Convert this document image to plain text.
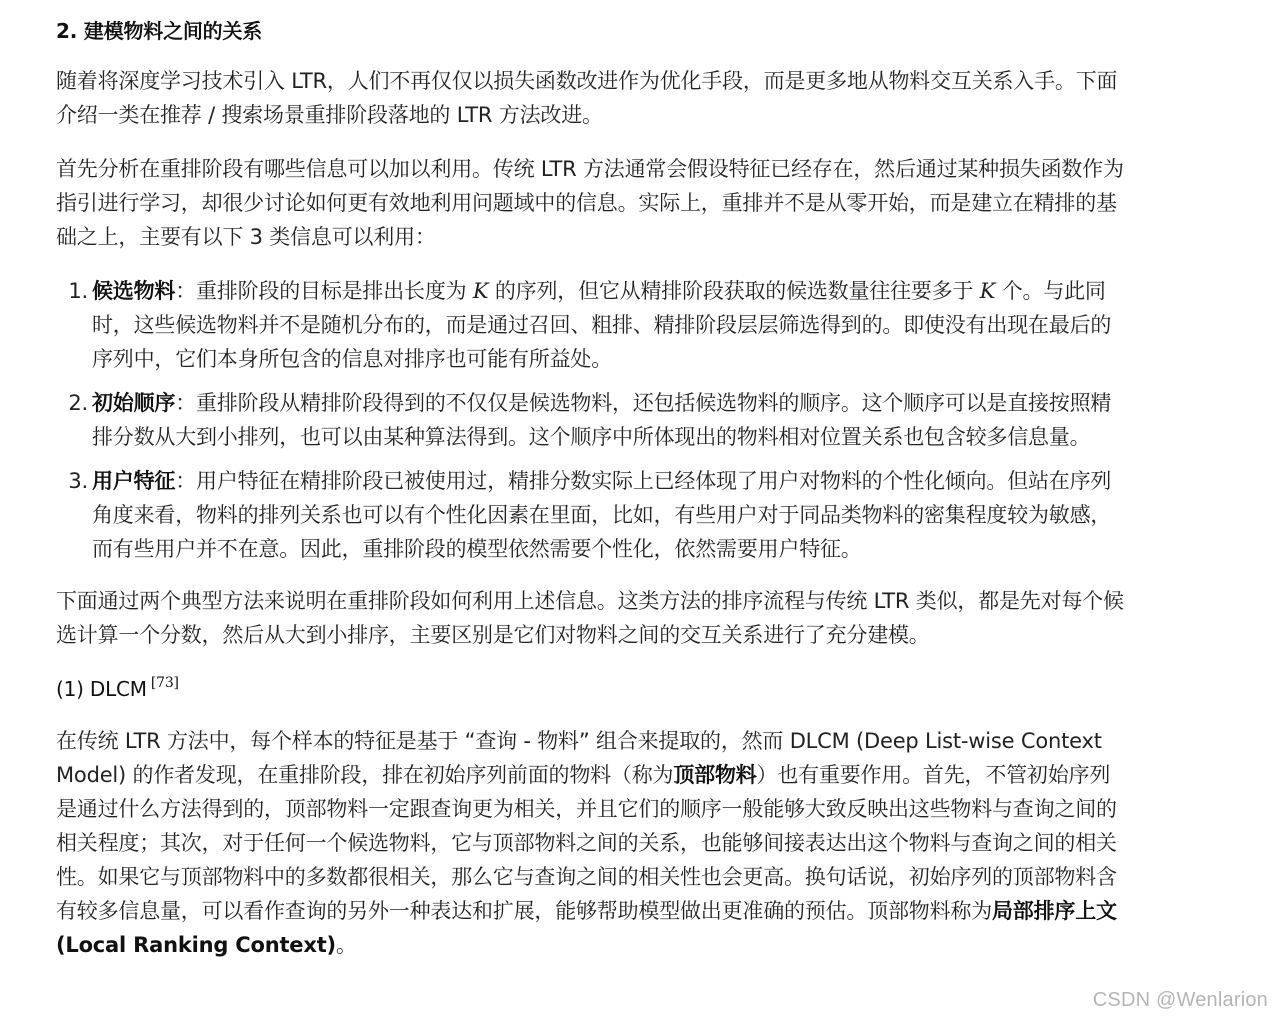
2. 建模物料之间的关系

随着将深度学习技术引入 LTR，人们不再仅仅以损失函数改进作为优化手段，而是更多地从物料交互关系入手。下面介绍一类在推荐 / 搜索场景重排阶段落地的 LTR 方法改进。

首先分析在重排阶段有哪些信息可以加以利用。传统 LTR 方法通常会假设特征已经存在，然后通过某种损失函数作为指引进行学习，却很少讨论如何更有效地利用问题域中的信息。实际上，重排并不是从零开始，而是建立在精排的基础之上，主要有以下 3 类信息可以利用：

1. 候选物料：重排阶段的目标是排出长度为 K 的序列，但它从精排阶段获取的候选数量往往要多于 K 个。与此同时，这些候选物料并不是随机分布的，而是通过召回、粗排、精排阶段层层筛选得到的。即使没有出现在最后的序列中，它们本身所包含的信息对排序也可能有所益处。
2. 初始顺序：重排阶段从精排阶段得到的不仅仅是候选物料，还包括候选物料的顺序。这个顺序可以是直接按照精排分数从大到小排列，也可以由某种算法得到。这个顺序中所体现出的物料相对位置关系也包含较多信息量。
3. 用户特征：用户特征在精排阶段已被使用过，精排分数实际上已经体现了用户对物料的个性化倾向。但站在序列角度来看，物料的排列关系也可以有个性化因素在里面，比如，有些用户对于同品类物料的密集程度较为敏感，而有些用户并不在意。因此，重排阶段的模型依然需要个性化，依然需要用户特征。

下面通过两个典型方法来说明在重排阶段如何利用上述信息。这类方法的排序流程与传统 LTR 类似，都是先对每个候选计算一个分数，然后从大到小排序，主要区别是它们对物料之间的交互关系进行了充分建模。

(1) DLCM [73]

在传统 LTR 方法中，每个样本的特征是基于 “查询 - 物料” 组合来提取的，然而 DLCM (Deep List-wise Context Model) 的作者发现，在重排阶段，排在初始序列前面的物料（称为顶部物料）也有重要作用。首先，不管初始序列是通过什么方法得到的，顶部物料一定跟查询更为相关，并且它们的顺序一般能够大致反映出这些物料与查询之间的相关程度；其次，对于任何一个候选物料，它与顶部物料之间的关系，也能够间接表达出这个物料与查询之间的相关性。如果它与顶部物料中的多数都很相关，那么它与查询之间的相关性也会更高。换句话说，初始序列的顶部物料含有较多信息量，可以看作查询的另外一种表达和扩展，能够帮助模型做出更准确的预估。顶部物料称为局部排序上文 (Local Ranking Context)。

CSDN @Wenlarion
